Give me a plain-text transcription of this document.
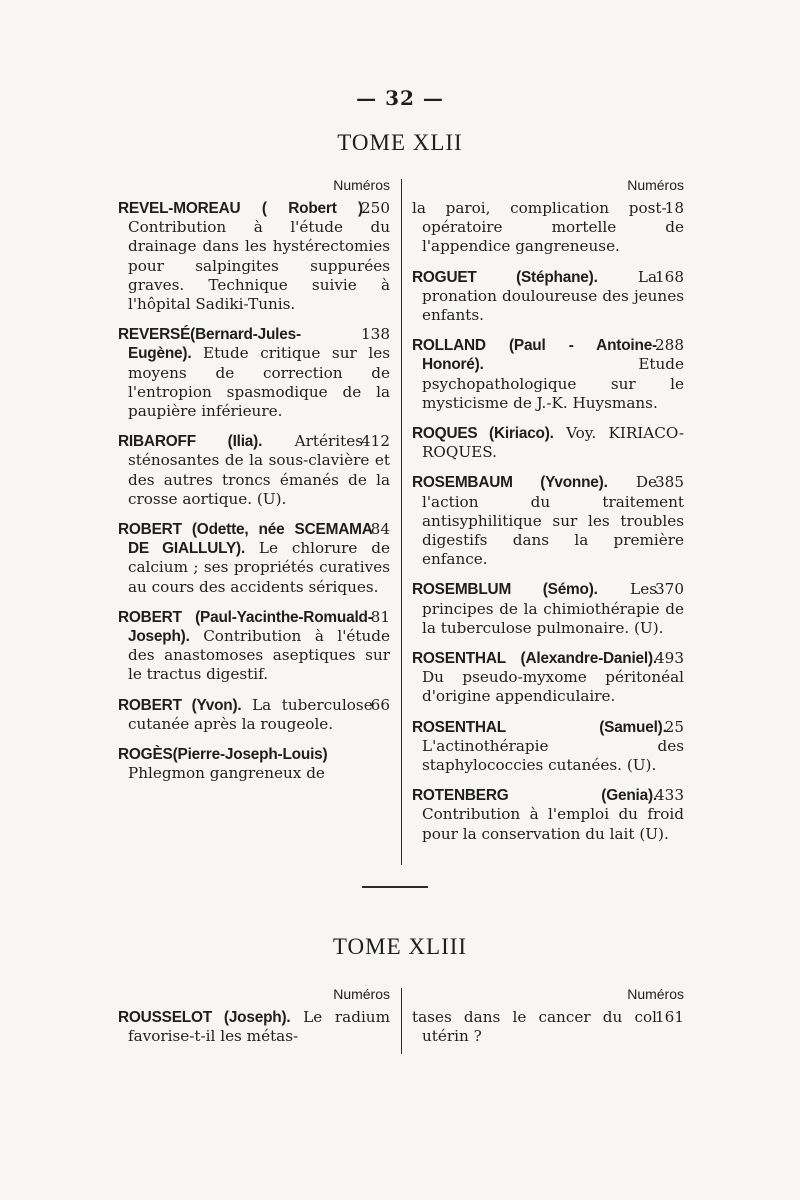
— 32 —
TOME XLII
Numéros
250
REVEL-MOREAU ( Robert ) Contribution à l'étude du drainage dans les hystérectomies pour salpingites suppurées graves. Technique suivie à l'hôpital Sadiki-Tunis.
138
REVERSÉ(Bernard-Jules-Eugène). Etude critique sur les moyens de correction de l'entropion spasmodique de la paupière inférieure.
412
RIBAROFF (Ilia). Artérites sténosantes de la sous-clavière et des autres troncs émanés de la crosse aortique. (U).
84
ROBERT (Odette, née SCEMAMA DE GIALLULY). Le chlorure de calcium ; ses propriétés curatives au cours des accidents sériques.
81
ROBERT (Paul-Yacinthe-Romuald-Joseph). Contribution à l'étude des anastomoses aseptiques sur le tractus digestif.
66
ROBERT (Yvon). La tuberculose cutanée après la rougeole.
ROGÈS(Pierre-Joseph-Louis) Phlegmon gangreneux de
Numéros
18
la paroi, complication post-opératoire mortelle de l'appendice gangreneuse.
168
ROGUET (Stéphane).	La pronation douloureuse des jeunes enfants.
288
ROLLAND (Paul - Antoine-Honoré).	Etude psychopathologique sur le mysticisme de J.-K. Huysmans.
ROQUES (Kiriaco). Voy. KIRIACO-ROQUES.
385
ROSEMBAUM (Yvonne). De l'action du traitement antisyphilitique sur les troubles digestifs dans la première enfance.
370
ROSEMBLUM (Sémo). Les principes de la chimiothérapie de la tuberculose pulmonaire. (U).
493
ROSENTHAL (Alexandre-Daniel). Du pseudo-myxome péritonéal d'origine appendiculaire.
25
ROSENTHAL (Samuel). L'actinothérapie des staphylococcies cutanées. (U).
433
ROTENBERG (Genia). Contribution à l'emploi du froid pour la conservation du lait (U).
TOME XLIII
Numéros
ROUSSELOT (Joseph). Le radium favorise-t-il les métas-
Numéros
161
tases dans le cancer du col utérin ?
